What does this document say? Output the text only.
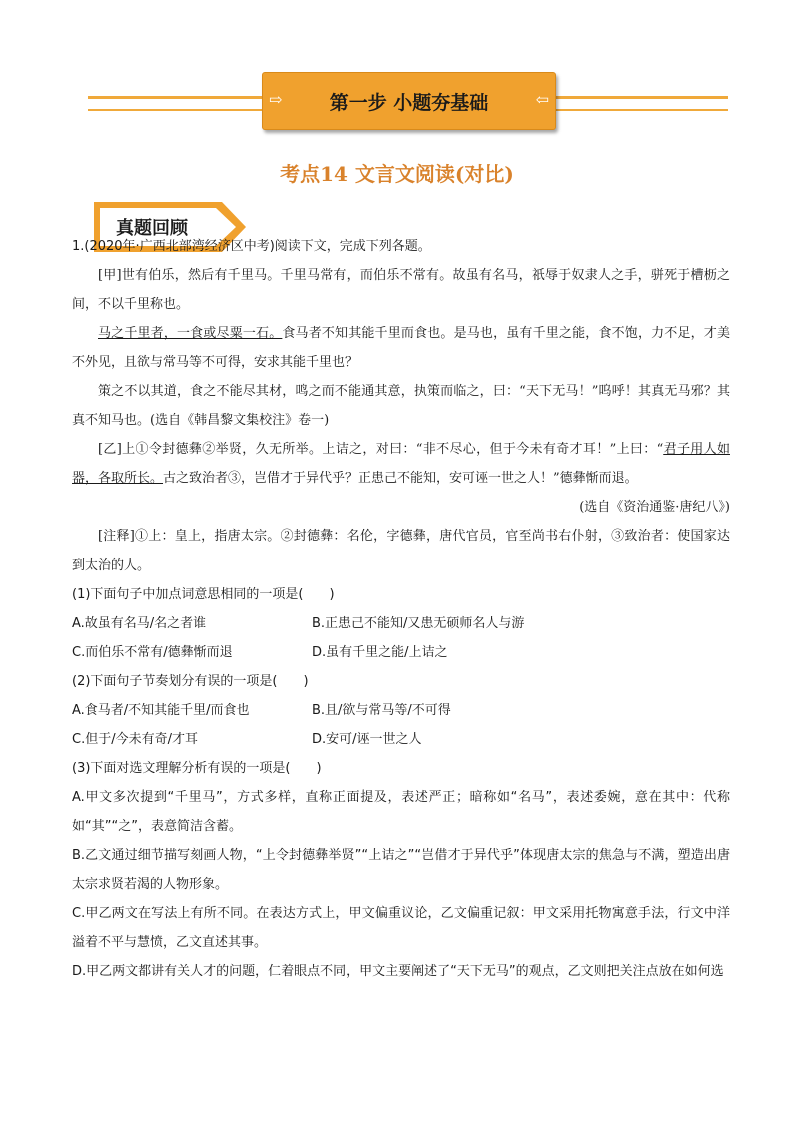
⇨ 第一步 小题夯基础	⇦
考点14 文言文阅读(对比)
真题回顾

1.(2020年·广西北部湾经济区中考)阅读下文，完成下列各题。

[甲]世有伯乐，然后有千里马。千里马常有，而伯乐不常有。故虽有名马，祇辱于奴隶人之手，骈死于槽枥之间，不以千里称也。

马之千里者，一食或尽粟一石。食马者不知其能千里而食也。是马也，虽有千里之能，食不饱，力不足，才美不外见，且欲与常马等不可得，安求其能千里也？

策之不以其道，食之不能尽其材，鸣之而不能通其意，执策而临之，曰：“天下无马！”呜呼！其真无马邪？其真不知马也。(选自《韩昌黎文集校注》卷一)

[乙]上①令封德彝②举贤，久无所举。上诘之，对曰：“非不尽心，但于今未有奇才耳！”上曰：“君子用人如器，各取所长。古之致治者③，岂借才于异代乎？正患己不能知，安可诬一世之人！”德彝惭而退。

(选自《资治通鉴·唐纪八》)

[注释]①上：皇上，指唐太宗。②封德彝：名伦，字德彝，唐代官员，官至尚书右仆射，③致治者：使国家达到太治的人。

(1)下面句子中加点词意思相同的一项是(　　)

A.故虽有名马/名之者谁	B.正患己不能知/又患无硕师名人与游
C.而伯乐不常有/德彝惭而退	D.虽有千里之能/上诘之

(2)下面句子节奏划分有误的一项是(　　)

A.食马者/不知其能千里/而食也	B.且/欲与常马等/不可得
C.但于/今未有奇/才耳	D.安可/诬一世之人

(3)下面对选文理解分析有误的一项是(　　)

A.甲文多次提到“千里马”，方式多样，直称正面提及，表述严正；暗称如“名马”，表述委婉，意在其中：代称如“其”“之”，表意简洁含蓄。

B.乙文通过细节描写刻画人物，“上令封德彝举贤”“上诘之”“岂借才于异代乎”体现唐太宗的焦急与不满，塑造出唐太宗求贤若渴的人物形象。

C.甲乙两文在写法上有所不同。在表达方式上，甲文偏重议论，乙文偏重记叙：甲文采用托物寓意手法，行文中洋溢着不平与慧愤，乙文直述其事。

D.甲乙两文都讲有关人才的问题，仁着眼点不同，甲文主要阐述了“天下无马”的观点，乙文则把关注点放在如何选
